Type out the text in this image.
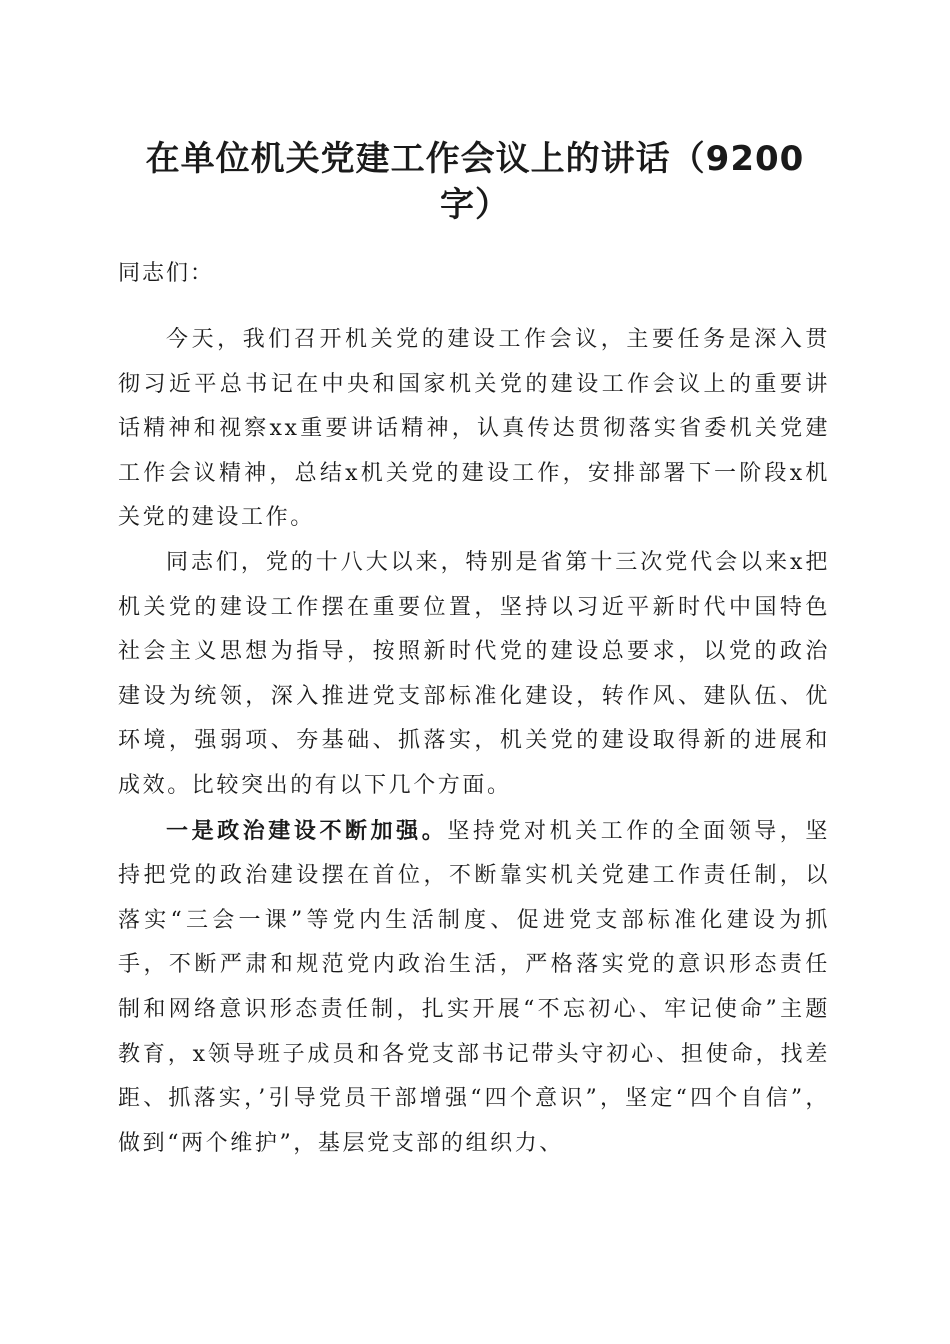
在单位机关党建工作会议上的讲话（9200字）

同志们：

今天，我们召开机关党的建设工作会议，主要任务是深入贯彻习近平总书记在中央和国家机关党的建设工作会议上的重要讲话精神和视察xx重要讲话精神，认真传达贯彻落实省委机关党建工作会议精神，总结x机关党的建设工作，安排部署下一阶段x机关党的建设工作。

同志们，党的十八大以来，特别是省第十三次党代会以来x把机关党的建设工作摆在重要位置，坚持以习近平新时代中国特色社会主义思想为指导，按照新时代党的建设总要求，以党的政治建设为统领，深入推进党支部标准化建设，转作风、建队伍、优环境，强弱项、夯基础、抓落实，机关党的建设取得新的进展和成效。比较突出的有以下几个方面。

一是政治建设不断加强。坚持党对机关工作的全面领导，坚持把党的政治建设摆在首位，不断靠实机关党建工作责任制，以落实“三会一课”等党内生活制度、促进党支部标准化建设为抓手，不断严肃和规范党内政治生活，严格落实党的意识形态责任制和网络意识形态责任制，扎实开展“不忘初心、牢记使命”主题教育，x领导班子成员和各党支部书记带头守初心、担使命，找差距、抓落实，’引导党员干部增强“四个意识”，坚定“四个自信”，做到“两个维护”，基层党支部的组织力、
